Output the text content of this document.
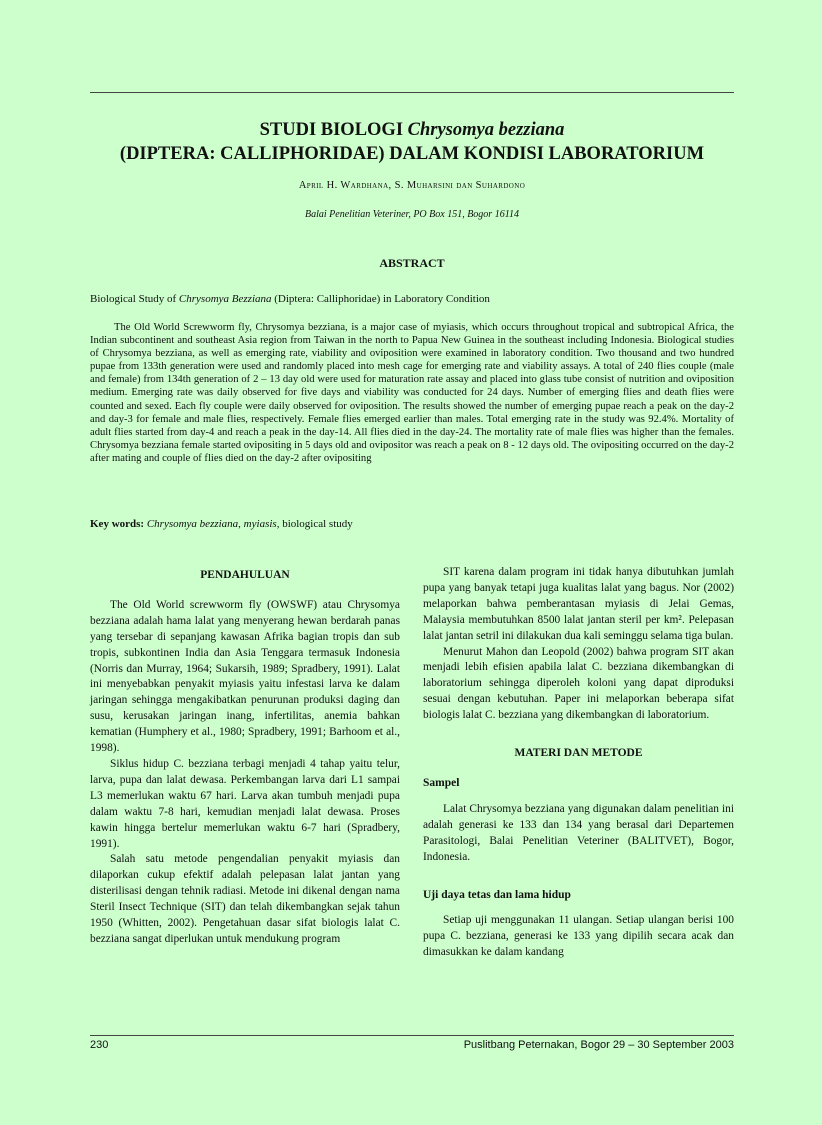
STUDI BIOLOGI Chrysomya bezziana
(DIPTERA: CALLIPHORIDAE) DALAM KONDISI LABORATORIUM
April H. Wardhana, S. Muharsini dan Suhardono
Balai Penelitian Veteriner, PO Box 151, Bogor 16114
ABSTRACT
Biological Study of Chrysomya Bezziana (Diptera: Calliphoridae) in Laboratory Condition
The Old World Screwworm fly, Chrysomya bezziana, is a major case of myiasis, which occurs throughout tropical and subtropical Africa, the Indian subcontinent and southeast Asia region from Taiwan in the north to Papua New Guinea in the southeast including Indonesia. Biological studies of Chrysomya bezziana, as well as emerging rate, viability and oviposition were examined in laboratory condition. Two thousand and two hundred pupae from 133th generation were used and randomly placed into mesh cage for emerging rate and viability assays. A total of 240 flies couple (male and female) from 134th generation of 2 – 13 day old were used for maturation rate assay and placed into glass tube consist of nutrition and oviposition medium. Emerging rate was daily observed for five days and viability was conducted for 24 days. Number of emerging flies and death flies were counted and sexed. Each fly couple were daily observed for oviposition. The results showed the number of emerging pupae reach a peak on the day-2 and day-3 for female and male flies, respectively. Female flies emerged earlier than males. Total emerging rate in the study was 92.4%. Mortality of adult flies started from day-4 and reach a peak in the day-14. All flies died in the day-24. The mortality rate of male flies was higher than the females. Chrysomya bezziana female started ovipositing in 5 days old and ovipositor was reach a peak on 8 - 12 days old. The ovipositing occurred on the day-2 after mating and couple of flies died on the day-2 after ovipositing
Key words: Chrysomya bezziana, myiasis, biological study
PENDAHULUAN

The Old World screwworm fly (OWSWF) atau Chrysomya bezziana adalah hama lalat yang menyerang hewan berdarah panas yang tersebar di sepanjang kawasan Afrika bagian tropis dan sub tropis, subkontinen India dan Asia Tenggara termasuk Indonesia (Norris dan Murray, 1964; Sukarsih, 1989; Spradbery, 1991). Lalat ini menyebabkan penyakit myiasis yaitu infestasi larva ke dalam jaringan sehingga mengakibatkan penurunan produksi daging dan susu, kerusakan jaringan inang, infertilitas, anemia bahkan kematian (Humphery et al., 1980; Spradbery, 1991; Barhoom et al., 1998).

Siklus hidup C. bezziana terbagi menjadi 4 tahap yaitu telur, larva, pupa dan lalat dewasa. Perkembangan larva dari L1 sampai L3 memerlukan waktu 67 hari. Larva akan tumbuh menjadi pupa dalam waktu 7-8 hari, kemudian menjadi lalat dewasa. Proses kawin hingga bertelur memerlukan waktu 6-7 hari (Spradbery, 1991).

Salah satu metode pengendalian penyakit myiasis dan dilaporkan cukup efektif adalah pelepasan lalat jantan yang disterilisasi dengan tehnik radiasi. Metode ini dikenal dengan nama Steril Insect Technique (SIT) dan telah dikembangkan sejak tahun 1950 (Whitten, 2002). Pengetahuan dasar sifat biologis lalat C. bezziana sangat diperlukan untuk mendukung program

SIT karena dalam program ini tidak hanya dibutuhkan jumlah pupa yang banyak tetapi juga kualitas lalat yang bagus. Nor (2002) melaporkan bahwa pemberantasan myiasis di Jelai Gemas, Malaysia membutuhkan 8500 lalat jantan steril per km². Pelepasan lalat jantan setril ini dilakukan dua kali seminggu selama tiga bulan.

Menurut Mahon dan Leopold (2002) bahwa program SIT akan menjadi lebih efisien apabila lalat C. bezziana dikembangkan di laboratorium sehingga diperoleh koloni yang dapat diproduksi sesuai dengan kebutuhan. Paper ini melaporkan beberapa sifat biologis lalat C. bezziana yang dikembangkan di laboratorium.

MATERI DAN METODE
Sampel

Lalat Chrysomya bezziana yang digunakan dalam penelitian ini adalah generasi ke 133 dan 134 yang berasal dari Departemen Parasitologi, Balai Penelitian Veteriner (BALITVET), Bogor, Indonesia.

Uji daya tetas dan lama hidup

Setiap uji menggunakan 11 ulangan. Setiap ulangan berisi 100 pupa C. bezziana, generasi ke 133 yang dipilih secara acak dan dimasukkan ke dalam kandang

230	Puslitbang Peternakan, Bogor 29 – 30 September 2003
